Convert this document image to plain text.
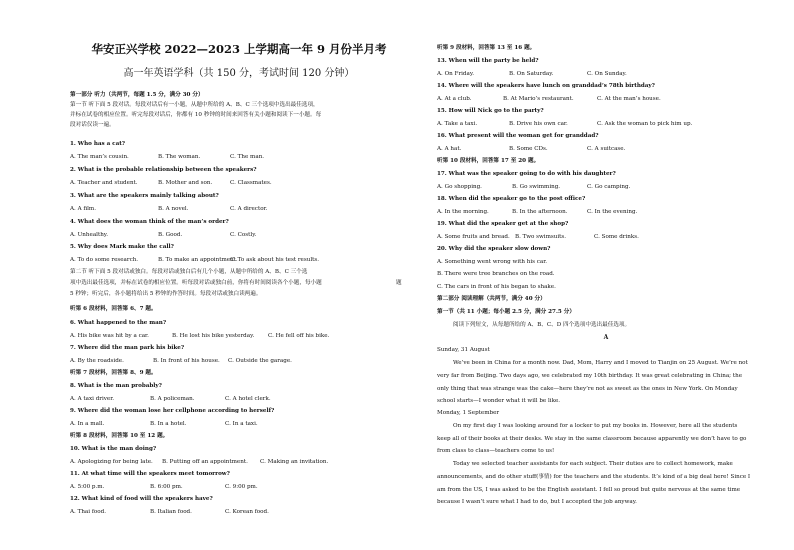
华安正兴学校 2022—2023 上学期高一年 9 月份半月考
高一年英语学科（共 150 分，考试时间 120 分钟）
第一部分 听力（共两节，每题 1.5 分，满分 30 分）
第一节 听下面 5 段对话。每段对话后有一小题，从题中所给的 A、B、C 三个选项中选出最佳选项，
并标在试卷的相应位置。听完每段对话后，你都有 10 秒钟的时间来回答有关小题和阅读下一小题。每
段对话仅读一遍。
1. Who has a cat?
A. The man’s cousin.	B. The woman.	C. The man.
2. What is the probable relationship between the speakers?
A. Teacher and student.	B. Mother and son.	C. Classmates.
3. What are the speakers mainly talking about?
A. A film.	B. A novel.	C. A director.
4. What does the woman think of the man’s order?
A. Unhealthy.	B. Good.	C. Costly.
5. Why does Mark make the call?
A. To do some research.	B. To make an appointment.
C. To ask about his test results.
第二节 听下面 5 段对话或独白。每段对话或独白后有几个小题，从题中所给的 A、B、C 三个选
项中选出最佳选项，并标在试卷的相应位置。听每段对话或独白前，你将有时间阅读各个小题，每小题
5 秒钟；听完后，各小题将给出 5 秒钟的作答时间。每段对话或独白读两遍。
题
听第 6 段材料，回答第 6、7 题。
6. What happened to the man?
A. His bike was hit by a car.	B. He lost his bike yesterday. C. He fell off his bike.
7. Where did the man park his bike?
A. By the roadside.	B. In front of his house. C. Outside the garage.
听第 7 段材料，回答第 8、9 题。
8. What is the man probably?
A. A taxi driver.	B. A policeman.	C. A hotel clerk.
9. Where did the woman lose her cellphone according to herself?
A. In a mall.	B. In a hotel.	C. In a taxi.
听第 8 段材料，回答第 10 至 12 题。
10. What is the man doing?
A. Apologizing for being late. B. Putting off an appointment. C. Making an invitation.
11. At what time will the speakers meet tomorrow?
A. 5:00 p.m.	B. 6:00 pm.	C. 9:00 pm.
12. What kind of food will the speakers have?
A. Thai food.	B. Italian food.	C. Korean food.
听第 9 段材料，回答第 13 至 16 题。
13. When will the party be held?
A. On Friday.	B. On Saturday.	C. On Sunday.
14. Where will the speakers have lunch on granddad’s 78th birthday?
A. At a club.	B. At Mario’s restaurant.	C. At the man’s house.
15. How will Nick go to the party?
A. Take a taxi.	B. Drive his own car.	C. Ask the woman to pick him up.
16. What present will the woman get for granddad?
A. A hat.	B. Some CDs.	C. A suitcase.
听第 10 段材料，回答第 17 至 20 题。
17. What was the speaker going to do with his daughter?
A. Go shopping.	B. Go swimming.	C. Go camping.
18. When did the speaker go to the post office?
A. In the morning.	B. In the afternoon.	C. In the evening.
19. What did the speaker get at the shop?
A. Some fruits and bread. B. Two swimsuits.	C. Some drinks.
20. Why did the speaker slow down?
A. Something went wrong with his car.
B. There were tree branches on the road.
C. The cars in front of his began to shake.
第二部分 阅读理解（共两节，满分 40 分）
第一节（共 11 小题；每小题 2.5 分，满分 27.5 分）
阅读下列短文，从每题所给的 A、B、C、D 四个选项中选出最佳选项。
A
Sunday, 31 August
We’ve been in China for a month now. Dad, Mom, Harry and I moved to Tianjin on 25 August. We’re not
very far from Beijing. Two days ago, we celebrated my 10th birthday. It was great celebrating in China; the
only thing that was strange was the cake—here they’re not as sweet as the ones in New York. On Monday
school starts—I wonder what it will be like.
Monday, 1 September
On my first day I was looking around for a locker to put my books in. However, here all the students
keep all of their books at their desks. We stay in the same classroom because apparently we don’t have to go
from class to class—teachers come to us!
Today we selected teacher assistants for each subject. Their duties are to collect homework, make
announcements, and do other stuff(事情) for the teachers and the students. It’s kind of a big deal here! Since I
am from the US, I was asked to be the English assistant. I fell so proud but quite nervous at the same time
because I wasn’t sure what I had to do, but I accepted the job anyway.
